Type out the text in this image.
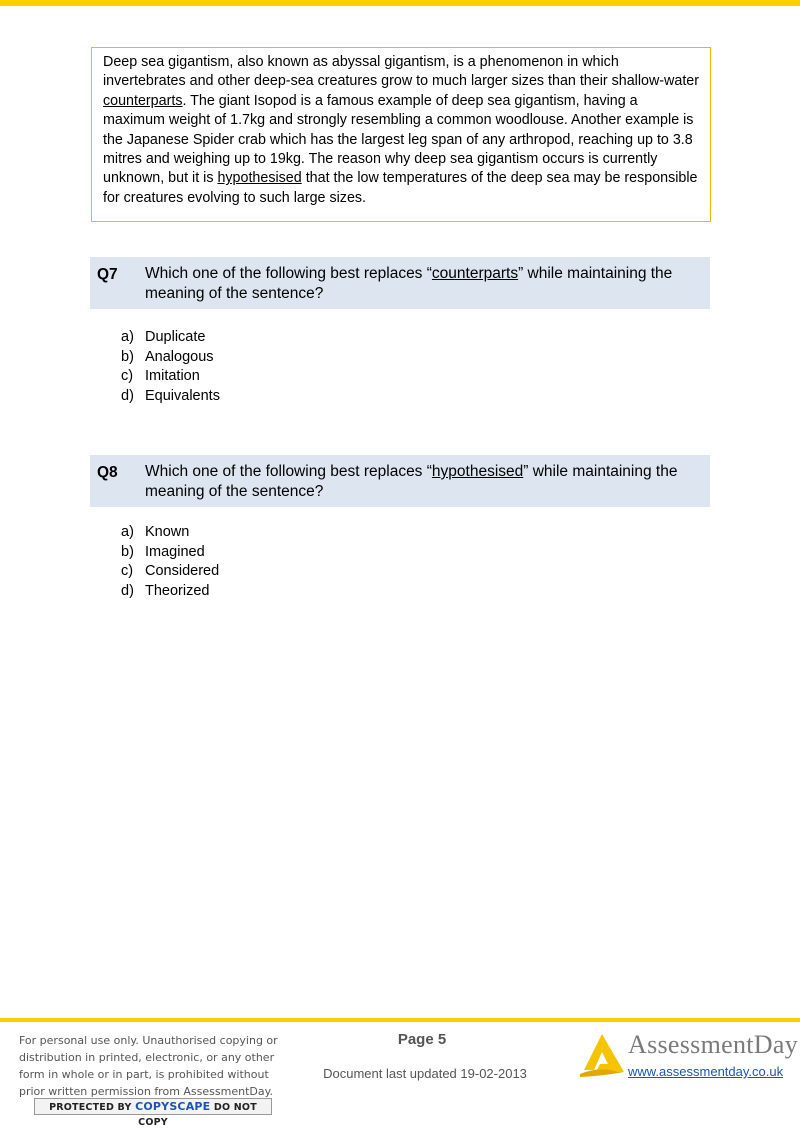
Deep sea gigantism, also known as abyssal gigantism, is a phenomenon in which invertebrates and other deep-sea creatures grow to much larger sizes than their shallow-water counterparts. The giant Isopod is a famous example of deep sea gigantism, having a maximum weight of 1.7kg and strongly resembling a common woodlouse. Another example is the Japanese Spider crab which has the largest leg span of any arthropod, reaching up to 3.8 mitres and weighing up to 19kg. The reason why deep sea gigantism occurs is currently unknown, but it is hypothesised that the low temperatures of the deep sea may be responsible for creatures evolving to such large sizes.
Q7 Which one of the following best replaces “counterparts” while maintaining the meaning of the sentence?
a) Duplicate
b) Analogous
c) Imitation
d) Equivalents
Q8 Which one of the following best replaces “hypothesised” while maintaining the meaning of the sentence?
a) Known
b) Imagined
c) Considered
d) Theorized
For personal use only. Unauthorised copying or distribution in printed, electronic, or any other form in whole or in part, is prohibited without prior written permission from AssessmentDay.
PROTECTED BY COPYSCAPE DO NOT COPY
Page 5
Document last updated 19-02-2013
AssessmentDay
www.assessmentday.co.uk
